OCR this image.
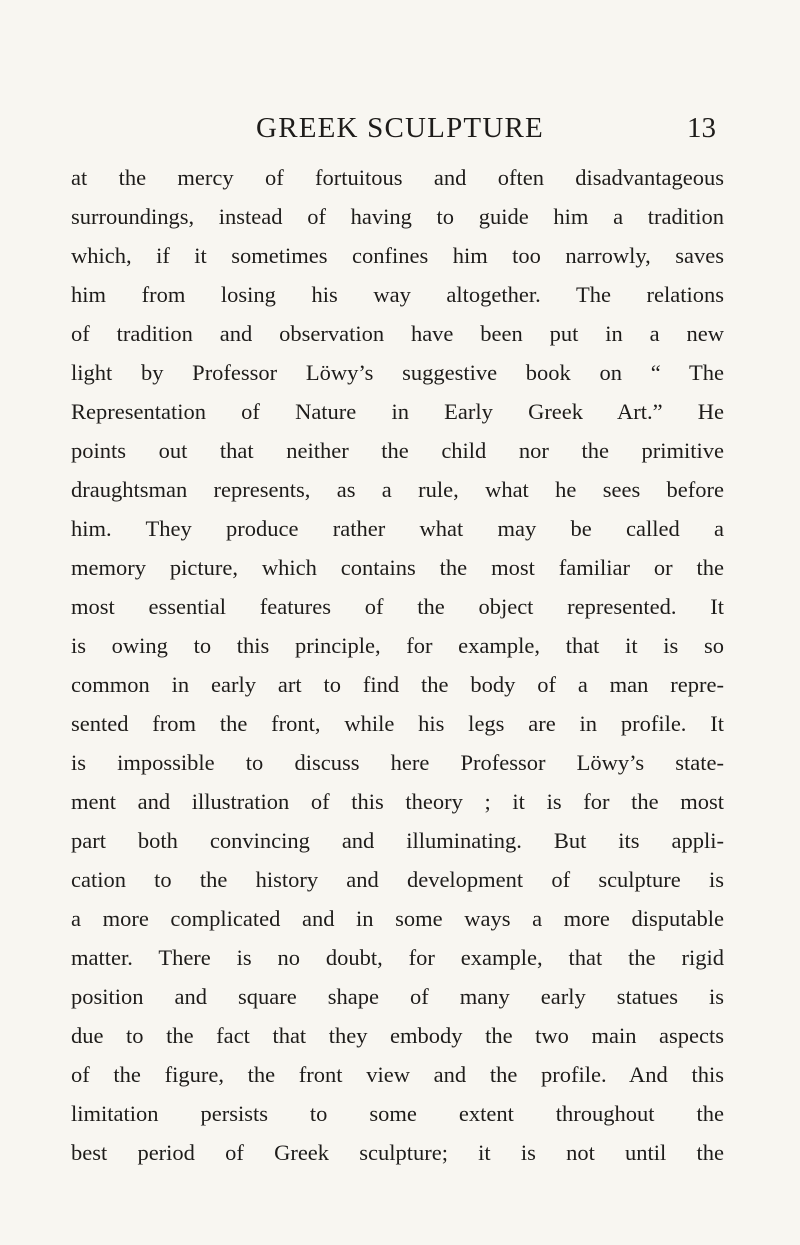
GREEK SCULPTURE	13
at the mercy of fortuitous and often disadvantageous
surroundings, instead of having to guide him a tradition
which, if it sometimes confines him too narrowly, saves
him from losing his way altogether. The relations
of tradition and observation have been put in a new
light by Professor Löwy’s suggestive book on “ The
Representation of Nature in Early Greek Art.” He
points out that neither the child nor the primitive
draughtsman represents, as a rule, what he sees before
him. They produce rather what may be called a
memory picture, which contains the most familiar or the
most essential features of the object represented. It
is owing to this principle, for example, that it is so
common in early art to find the body of a man repre-
sented from the front, while his legs are in profile. It
is impossible to discuss here Professor Löwy’s state-
ment and illustration of this theory ; it is for the most
part both convincing and illuminating. But its appli-
cation to the history and development of sculpture is
a more complicated and in some ways a more disputable
matter. There is no doubt, for example, that the rigid
position and square shape of many early statues is
due to the fact that they embody the two main aspects
of the figure, the front view and the profile. And this
limitation persists to some extent throughout the
best period of Greek sculpture; it is not until the
